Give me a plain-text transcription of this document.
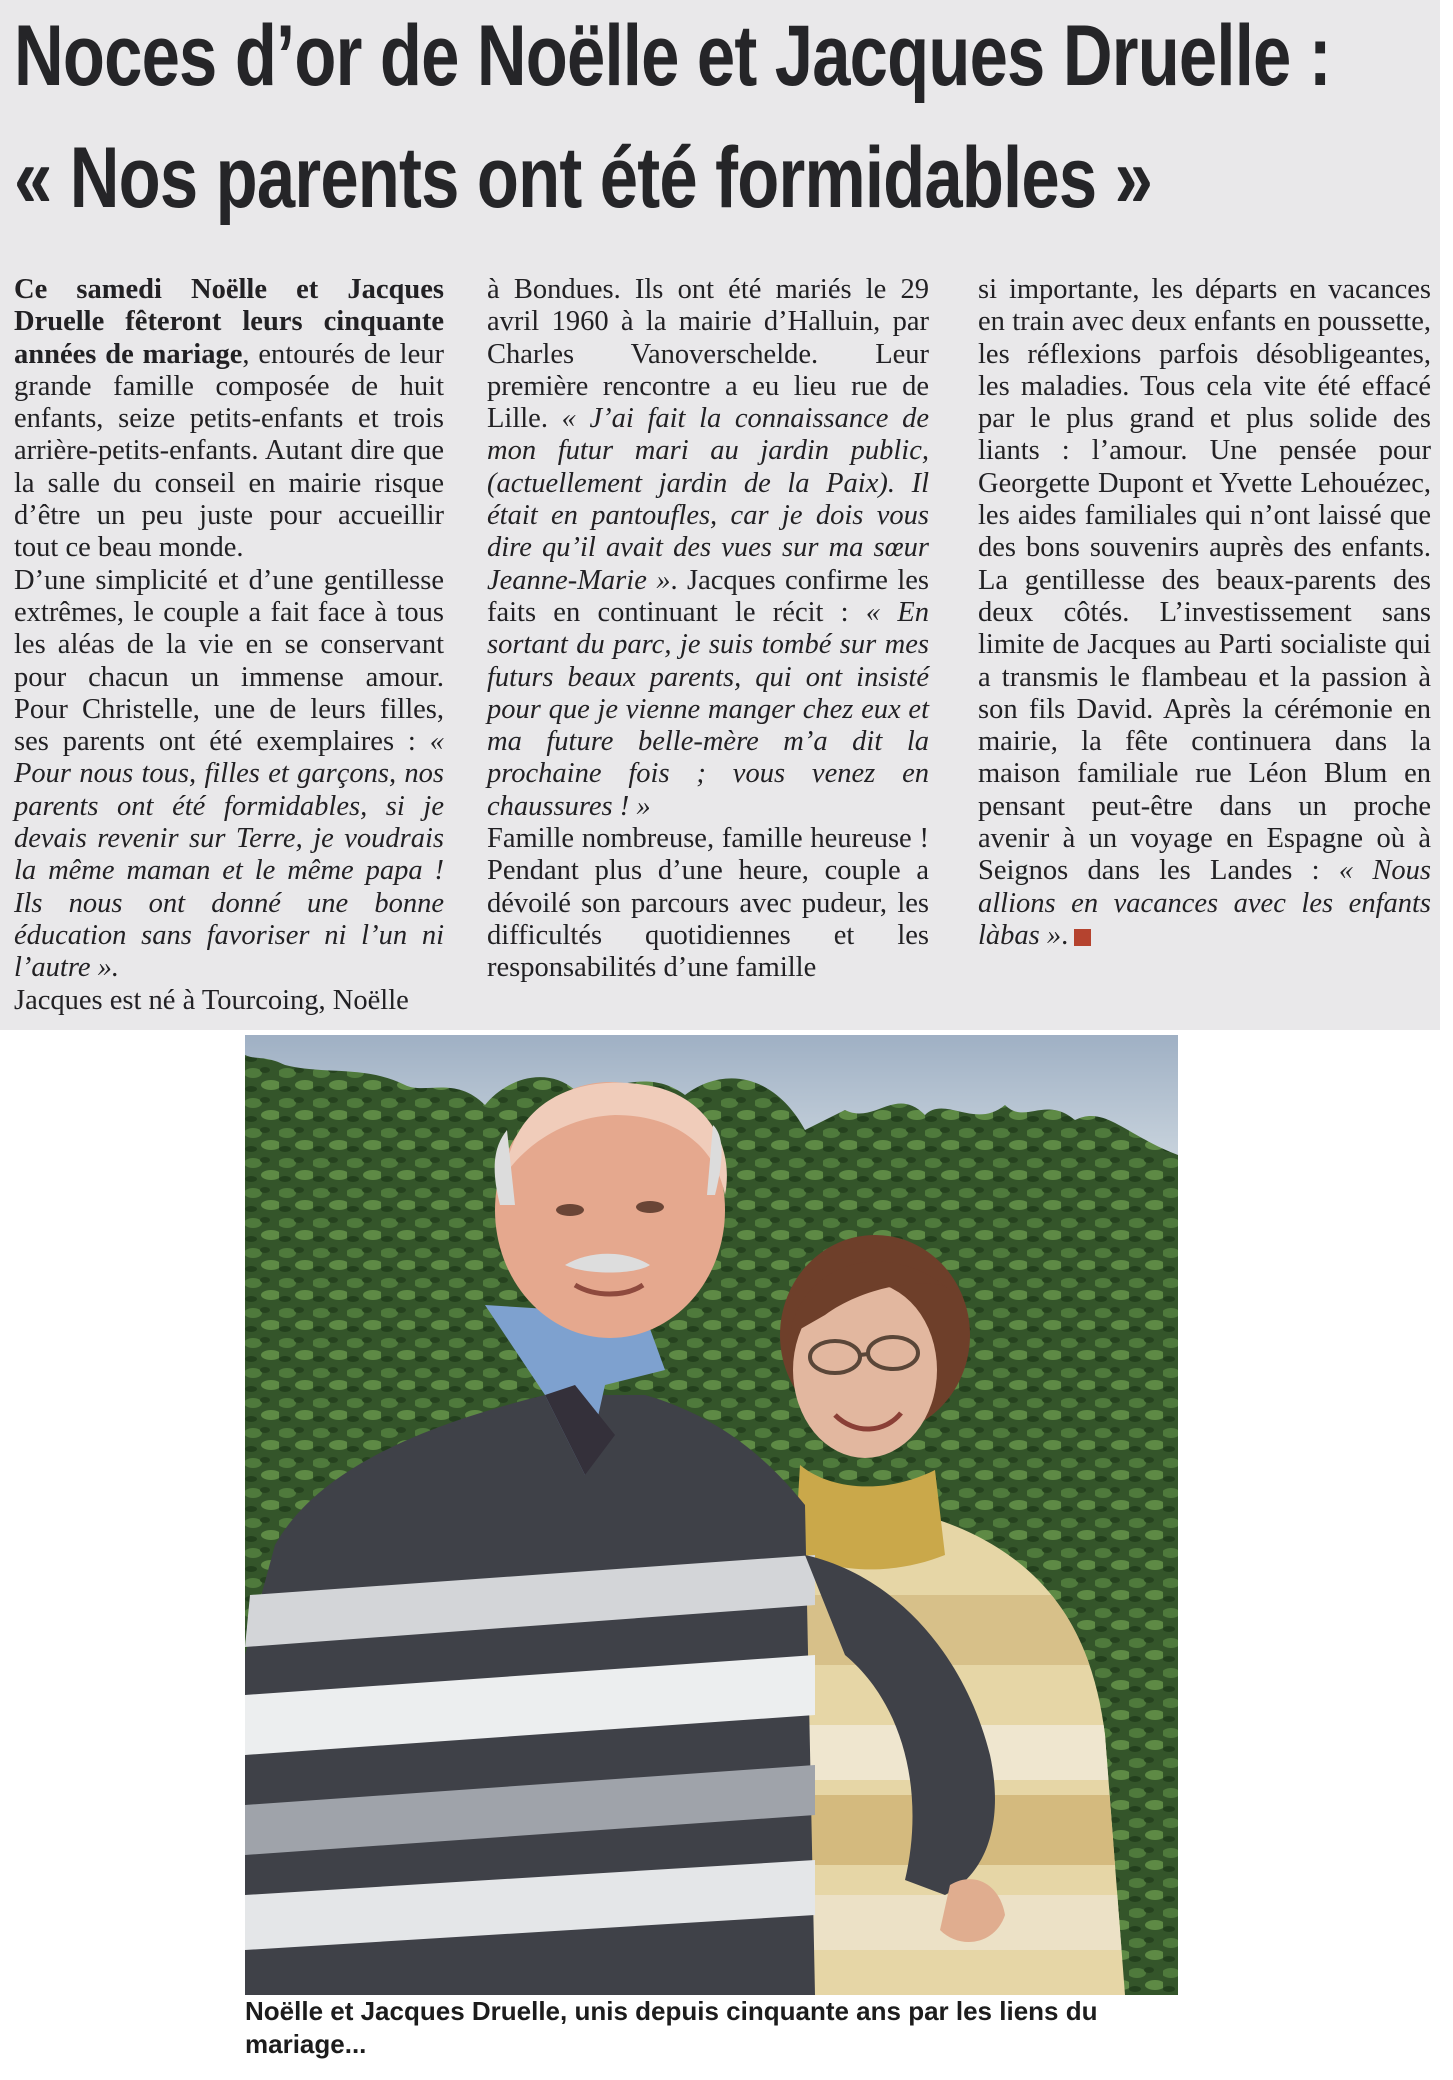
Noces d’or de Noëlle et Jacques Druelle :
« Nos parents ont été formidables »

Ce samedi Noëlle et Jacques Druelle fêteront leurs cinquante années de mariage, entourés de leur grande famille composée de huit enfants, seize petits-enfants et trois arrière-petits-enfants. Autant dire que la salle du conseil en mairie risque d’être un peu juste pour accueillir tout ce beau monde.

D’une simplicité et d’une gentillesse extrêmes, le couple a fait face à tous les aléas de la vie en se conservant pour chacun un immense amour. Pour Christelle, une de leurs filles, ses parents ont été exemplaires : « Pour nous tous, filles et garçons, nos parents ont été formidables, si je devais revenir sur Terre, je voudrais la même maman et le même papa ! Ils nous ont donné une bonne éducation sans favoriser ni l’un ni l’autre ».

Jacques est né à Tourcoing, Noëlle

à Bondues. Ils ont été mariés le 29 avril 1960 à la mairie d’Halluin, par Charles Vanoverschelde. Leur première rencontre a eu lieu rue de Lille. « J’ai fait la connaissance de mon futur mari au jardin public, (actuellement jardin de la Paix). Il était en pantoufles, car je dois vous dire qu’il avait des vues sur ma sœur Jeanne-Marie ». Jacques confirme les faits en continuant le récit : « En sortant du parc, je suis tombé sur mes futurs beaux parents, qui ont insisté pour que je vienne manger chez eux et ma future belle-mère m’a dit la prochaine fois ; vous venez en chaussures ! »

Famille nombreuse, famille heureuse ! Pendant plus d’une heure, couple a dévoilé son parcours avec pudeur, les difficultés quotidiennes et les responsabilités d’une famille

si importante, les départs en vacances en train avec deux enfants en poussette, les réflexions parfois désobligeantes, les maladies. Tous cela vite été effacé par le plus grand et plus solide des liants : l’amour. Une pensée pour Georgette Dupont et Yvette Lehouézec, les aides familiales qui n’ont laissé que des bons souvenirs auprès des enfants. La gentillesse des beaux-parents des deux côtés. L’investissement sans limite de Jacques au Parti socialiste qui a transmis le flambeau et la passion à son fils David. Après la cérémonie en mairie, la fête continuera dans la maison familiale rue Léon Blum en pensant peut-être dans un proche avenir à un voyage en Espagne où à Seignos dans les Landes : « Nous allions en vacances avec les enfants làbas ».

Noëlle et Jacques Druelle, unis depuis cinquante ans par les liens du mariage...
